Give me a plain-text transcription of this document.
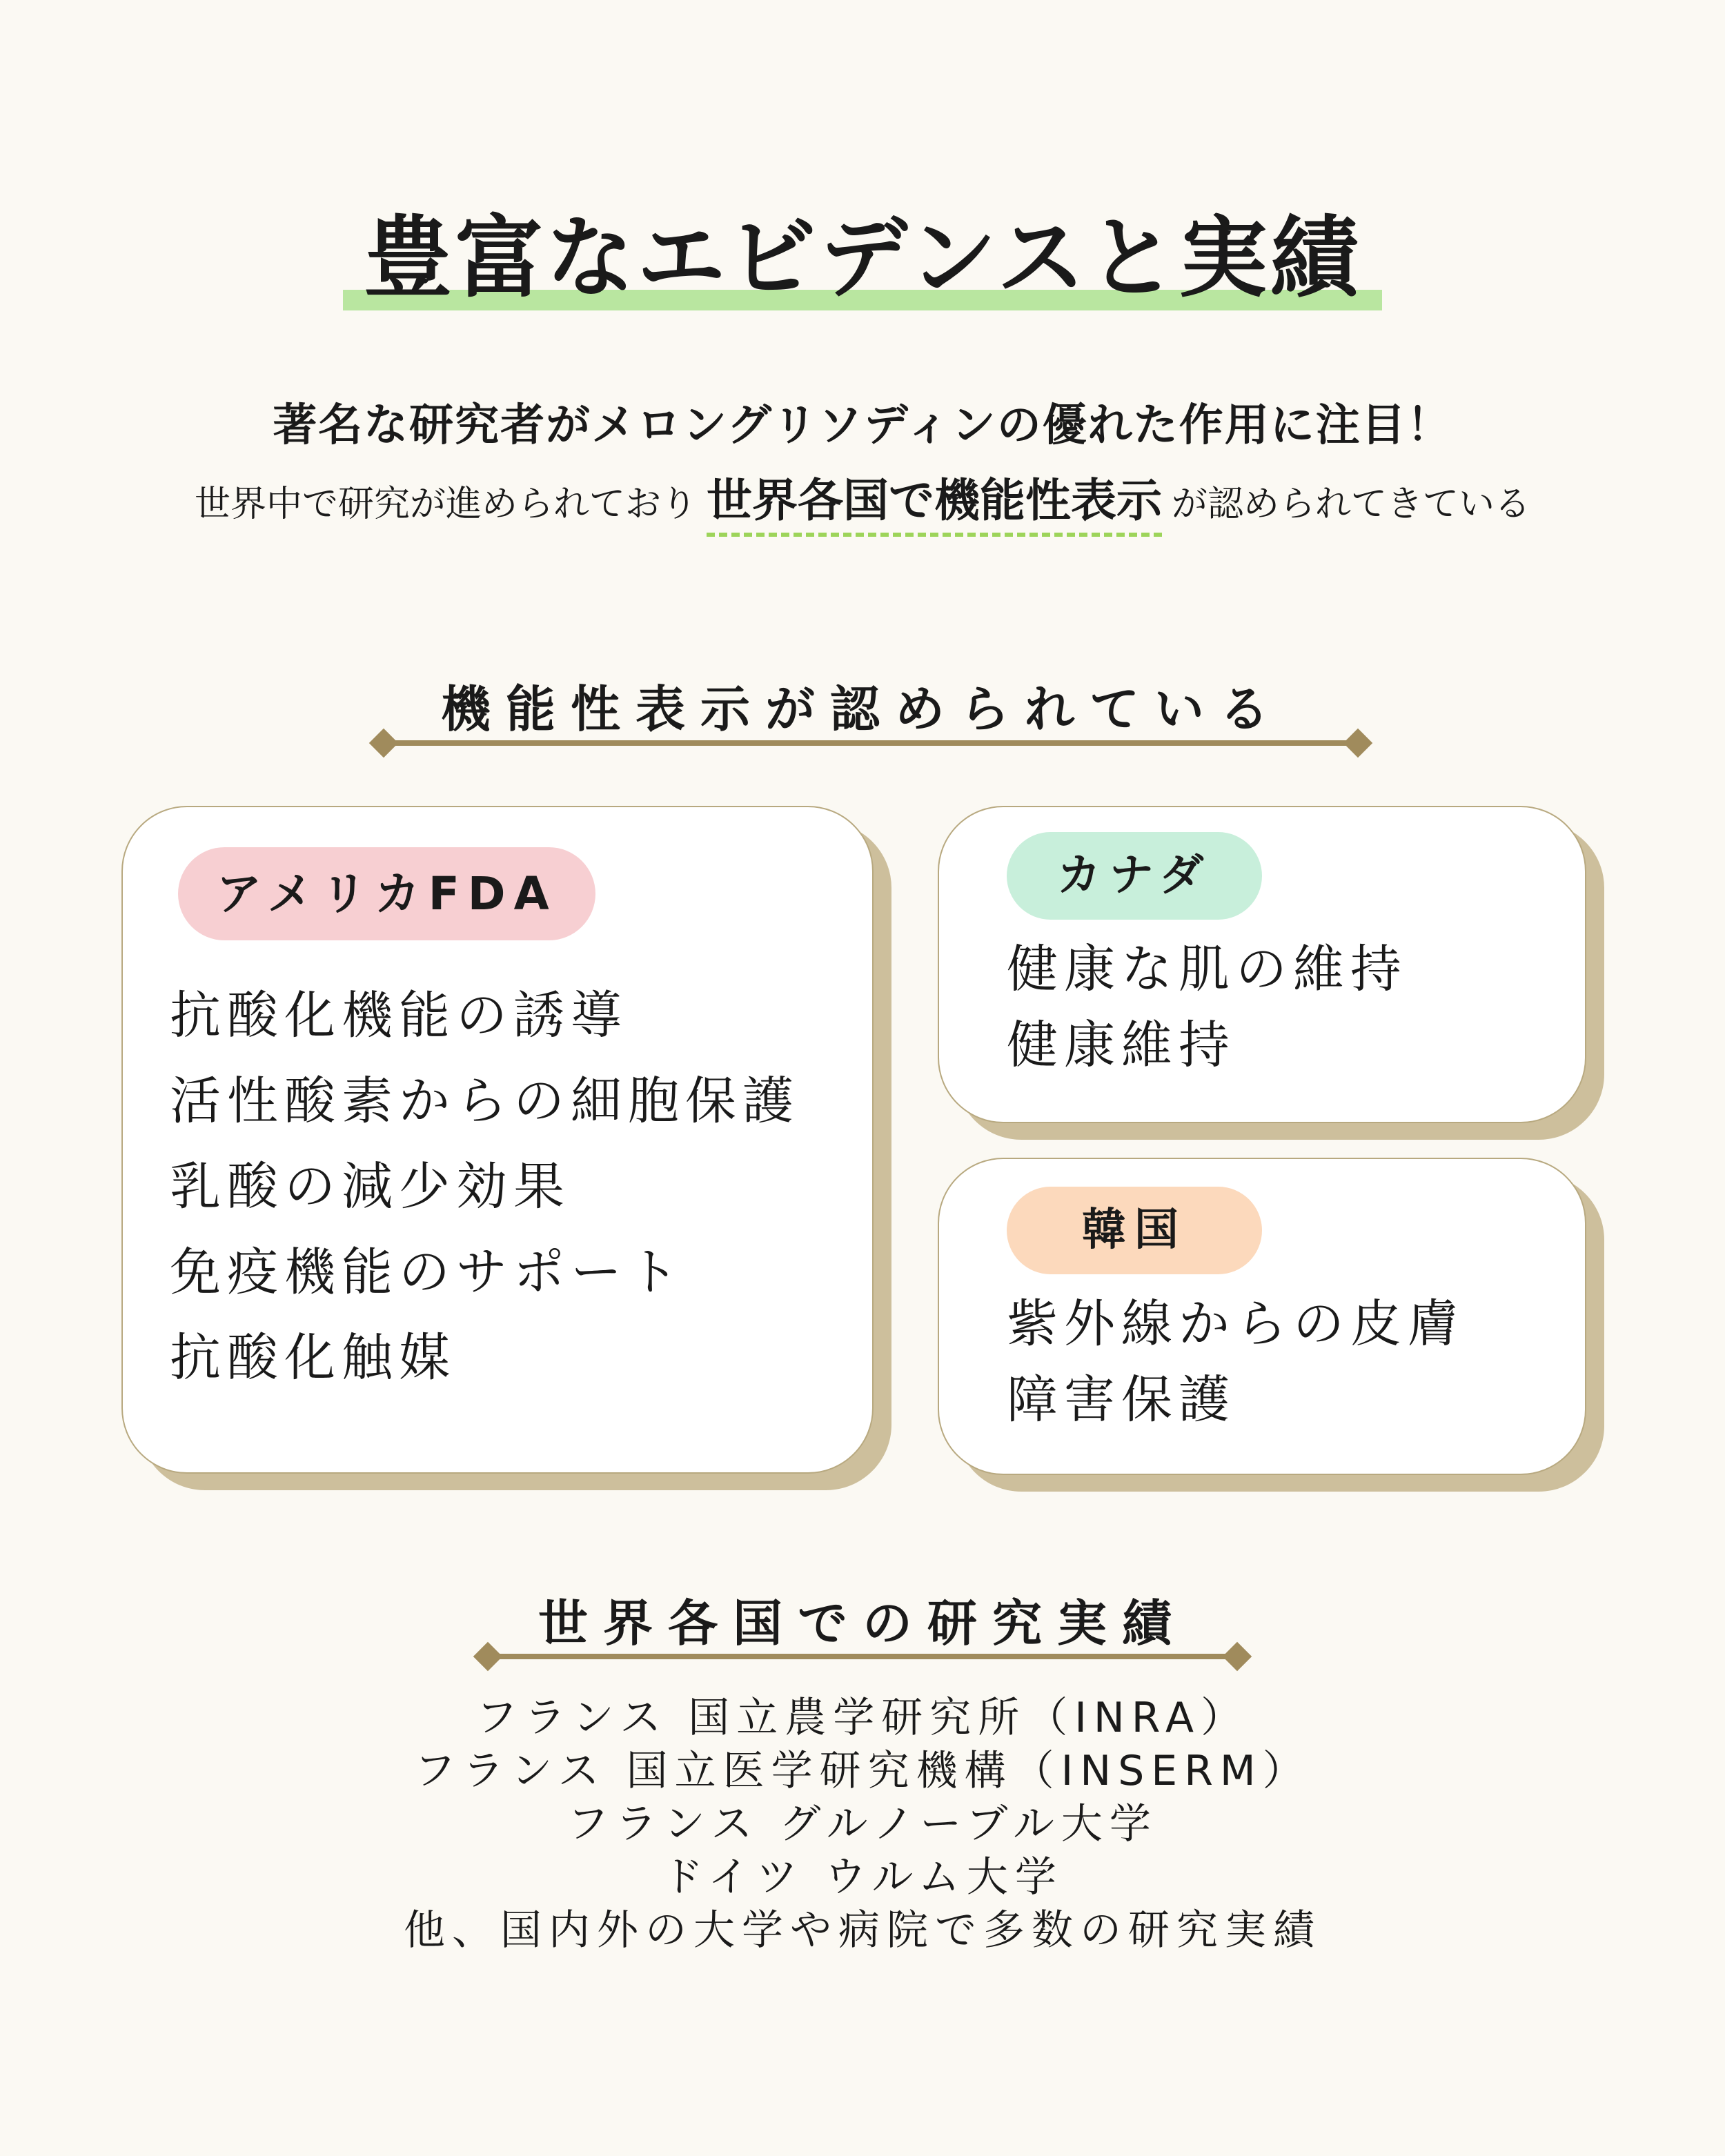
豊富なエビデンスと実績
著名な研究者がメロングリソディンの優れた作用に注目！
世界中で研究が進められており 世界各国で機能性表示 が認められてきている
機能性表示が認められている
アメリカFDA
抗酸化機能の誘導
活性酸素からの細胞保護
乳酸の減少効果
免疫機能のサポート
抗酸化触媒
カナダ
健康な肌の維持
健康維持
韓国
紫外線からの皮膚
障害保護
世界各国での研究実績
フランス 国立農学研究所（INRA）
フランス 国立医学研究機構（INSERM）
フランス グルノーブル大学
ドイツ ウルム大学
他、国内外の大学や病院で多数の研究実績
